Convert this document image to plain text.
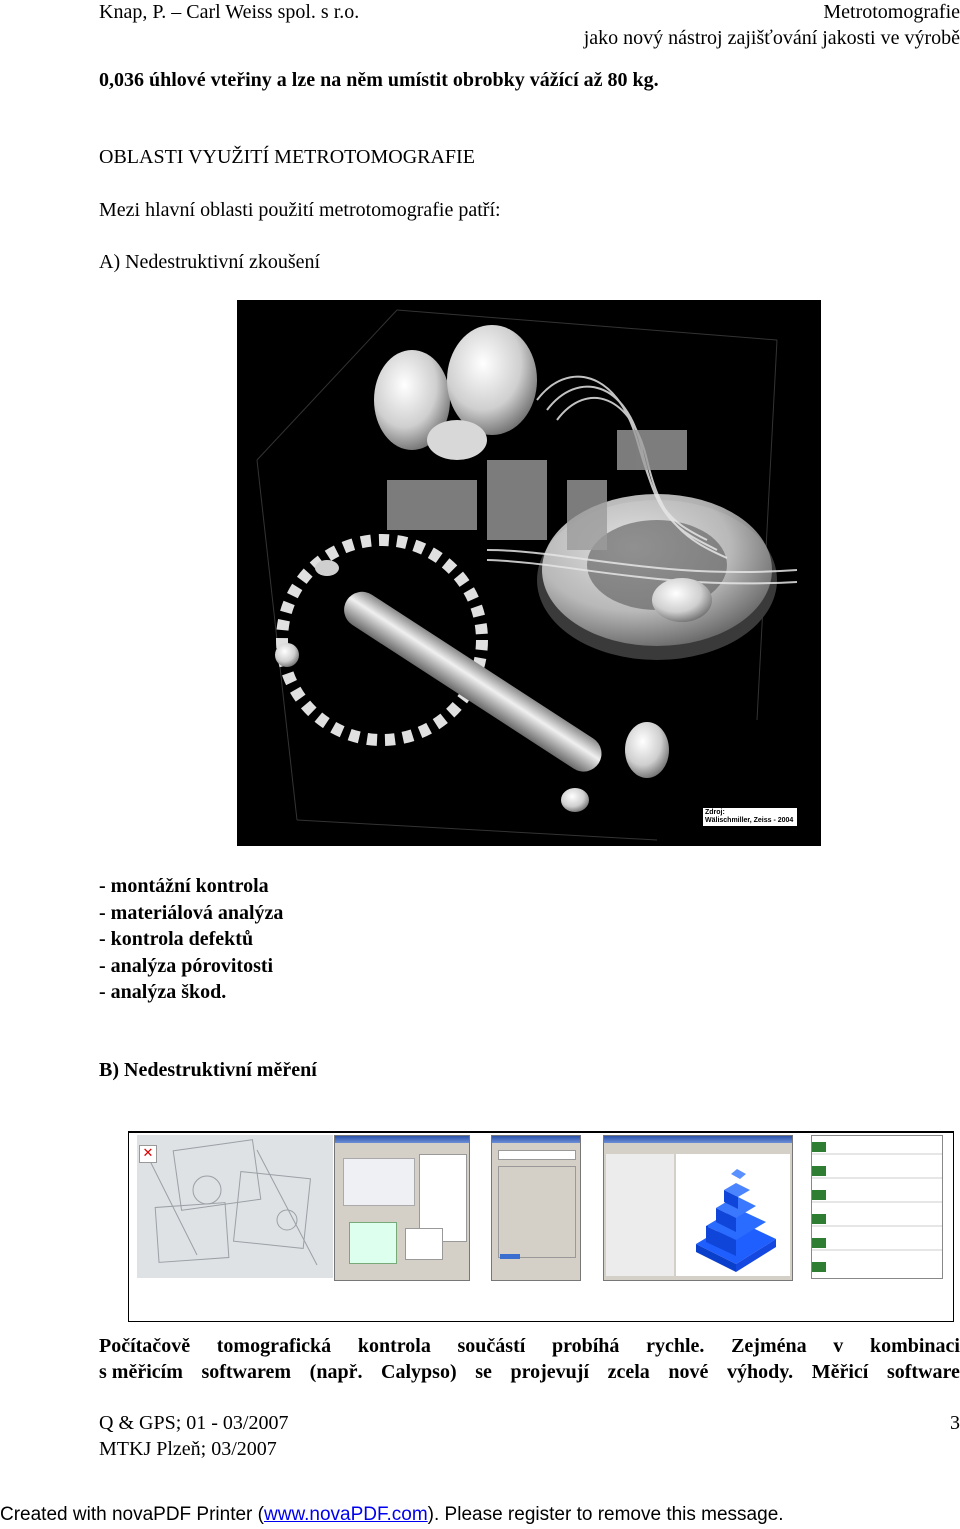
Knap, P. – Carl Weiss spol. s r.o.	Metrotomografie
jako nový nástroj zajišťování jakosti ve výrobě
0,036 úhlové vteřiny a lze na něm umístit obrobky vážící až 80 kg.
OBLASTI VYUŽITÍ METROTOMOGRAFIE
Mezi hlavní oblasti použití metrotomografie patří:
A) Nedestruktivní zkoušení
Zdroj:
Wälischmiller, Zeiss - 2004
- montážní kontrola
- materiálová analýza
- kontrola defektů
- analýza pórovitosti
- analýza škod.
B) Nedestruktivní měření
✕
Počítačově tomografická kontrola součástí probíhá rychle. Zejména v kombinaci
s měřicím softwarem (např. Calypso) se projevují zcela nové výhody. Měřicí software
Q & GPS; 01 - 03/2007
MTKJ Plzeň; 03/2007
3
Created with novaPDF Printer (www.novaPDF.com). Please register to remove this message.
